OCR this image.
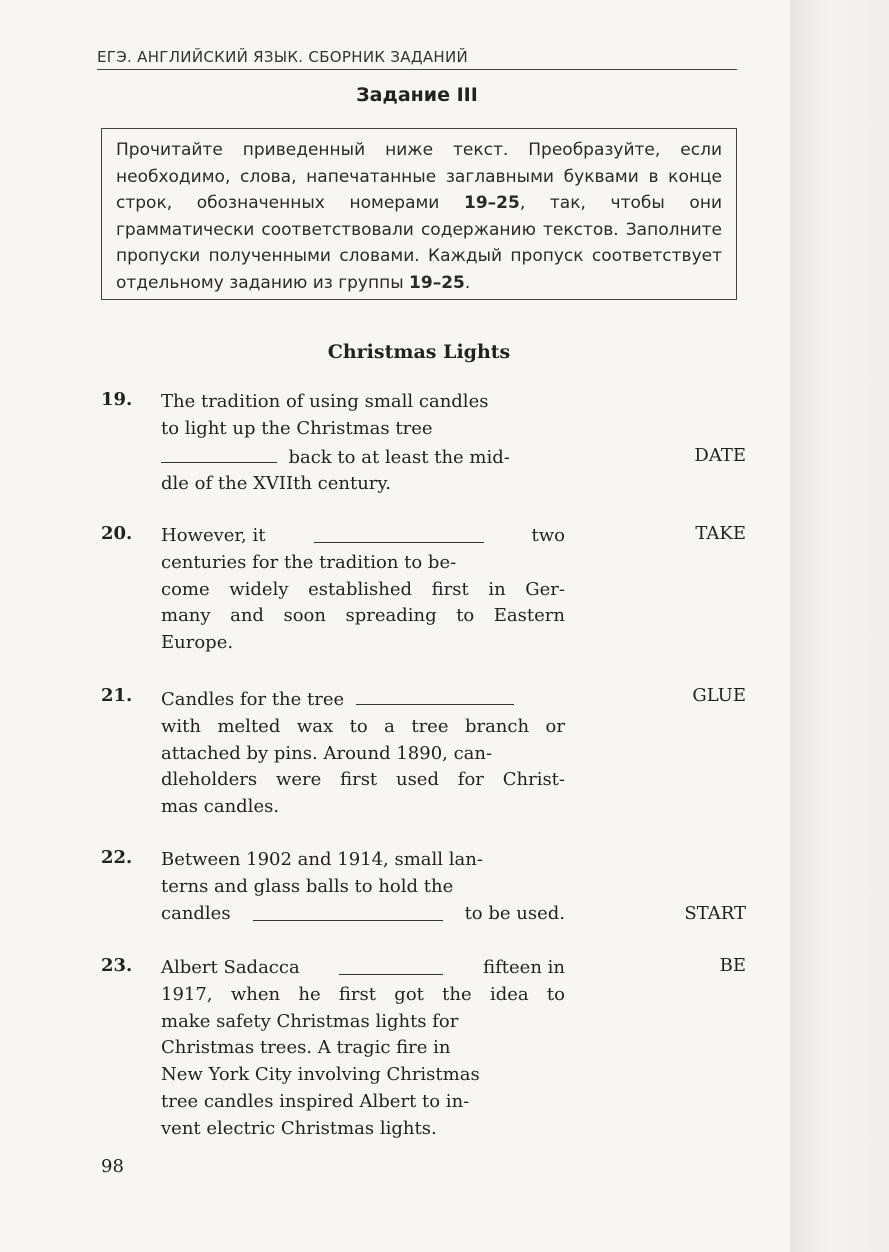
ЕГЭ. АНГЛИЙСКИЙ ЯЗЫК. СБОРНИК ЗАДАНИЙ
Задание III
Прочитайте приведенный ниже текст. Преобразуйте, если необходимо, слова, напечатанные заглавными буквами в конце строк, обозначенных номерами 19–25, так, чтобы они грамматически соответствовали содержанию текстов. Заполните пропуски полученными словами. Каждый пропуск соответствует отдельному заданию из группы 19–25.
Christmas Lights
19. The tradition of using small candles
to light up the Christmas tree
back to at least the mid-
dle of the XVIIth century.
DATE
20. However, it	two
centuries for the tradition to be-
come widely established first in Ger-
many and soon spreading to Eastern
Europe.
TAKE
21. Candles for the tree
with melted wax to a tree branch or
attached by pins. Around 1890, can-
dleholders were first used for Christ-
mas candles.
GLUE
22. Between 1902 and 1914, small lan-
terns and glass balls to hold the
candles	to be used.	START
23. Albert Sadacca	fifteen in
1917, when he first got the idea to
make safety Christmas lights for
Christmas trees. A tragic fire in
New York City involving Christmas
tree candles inspired Albert to in-
vent electric Christmas lights.
BE
98
